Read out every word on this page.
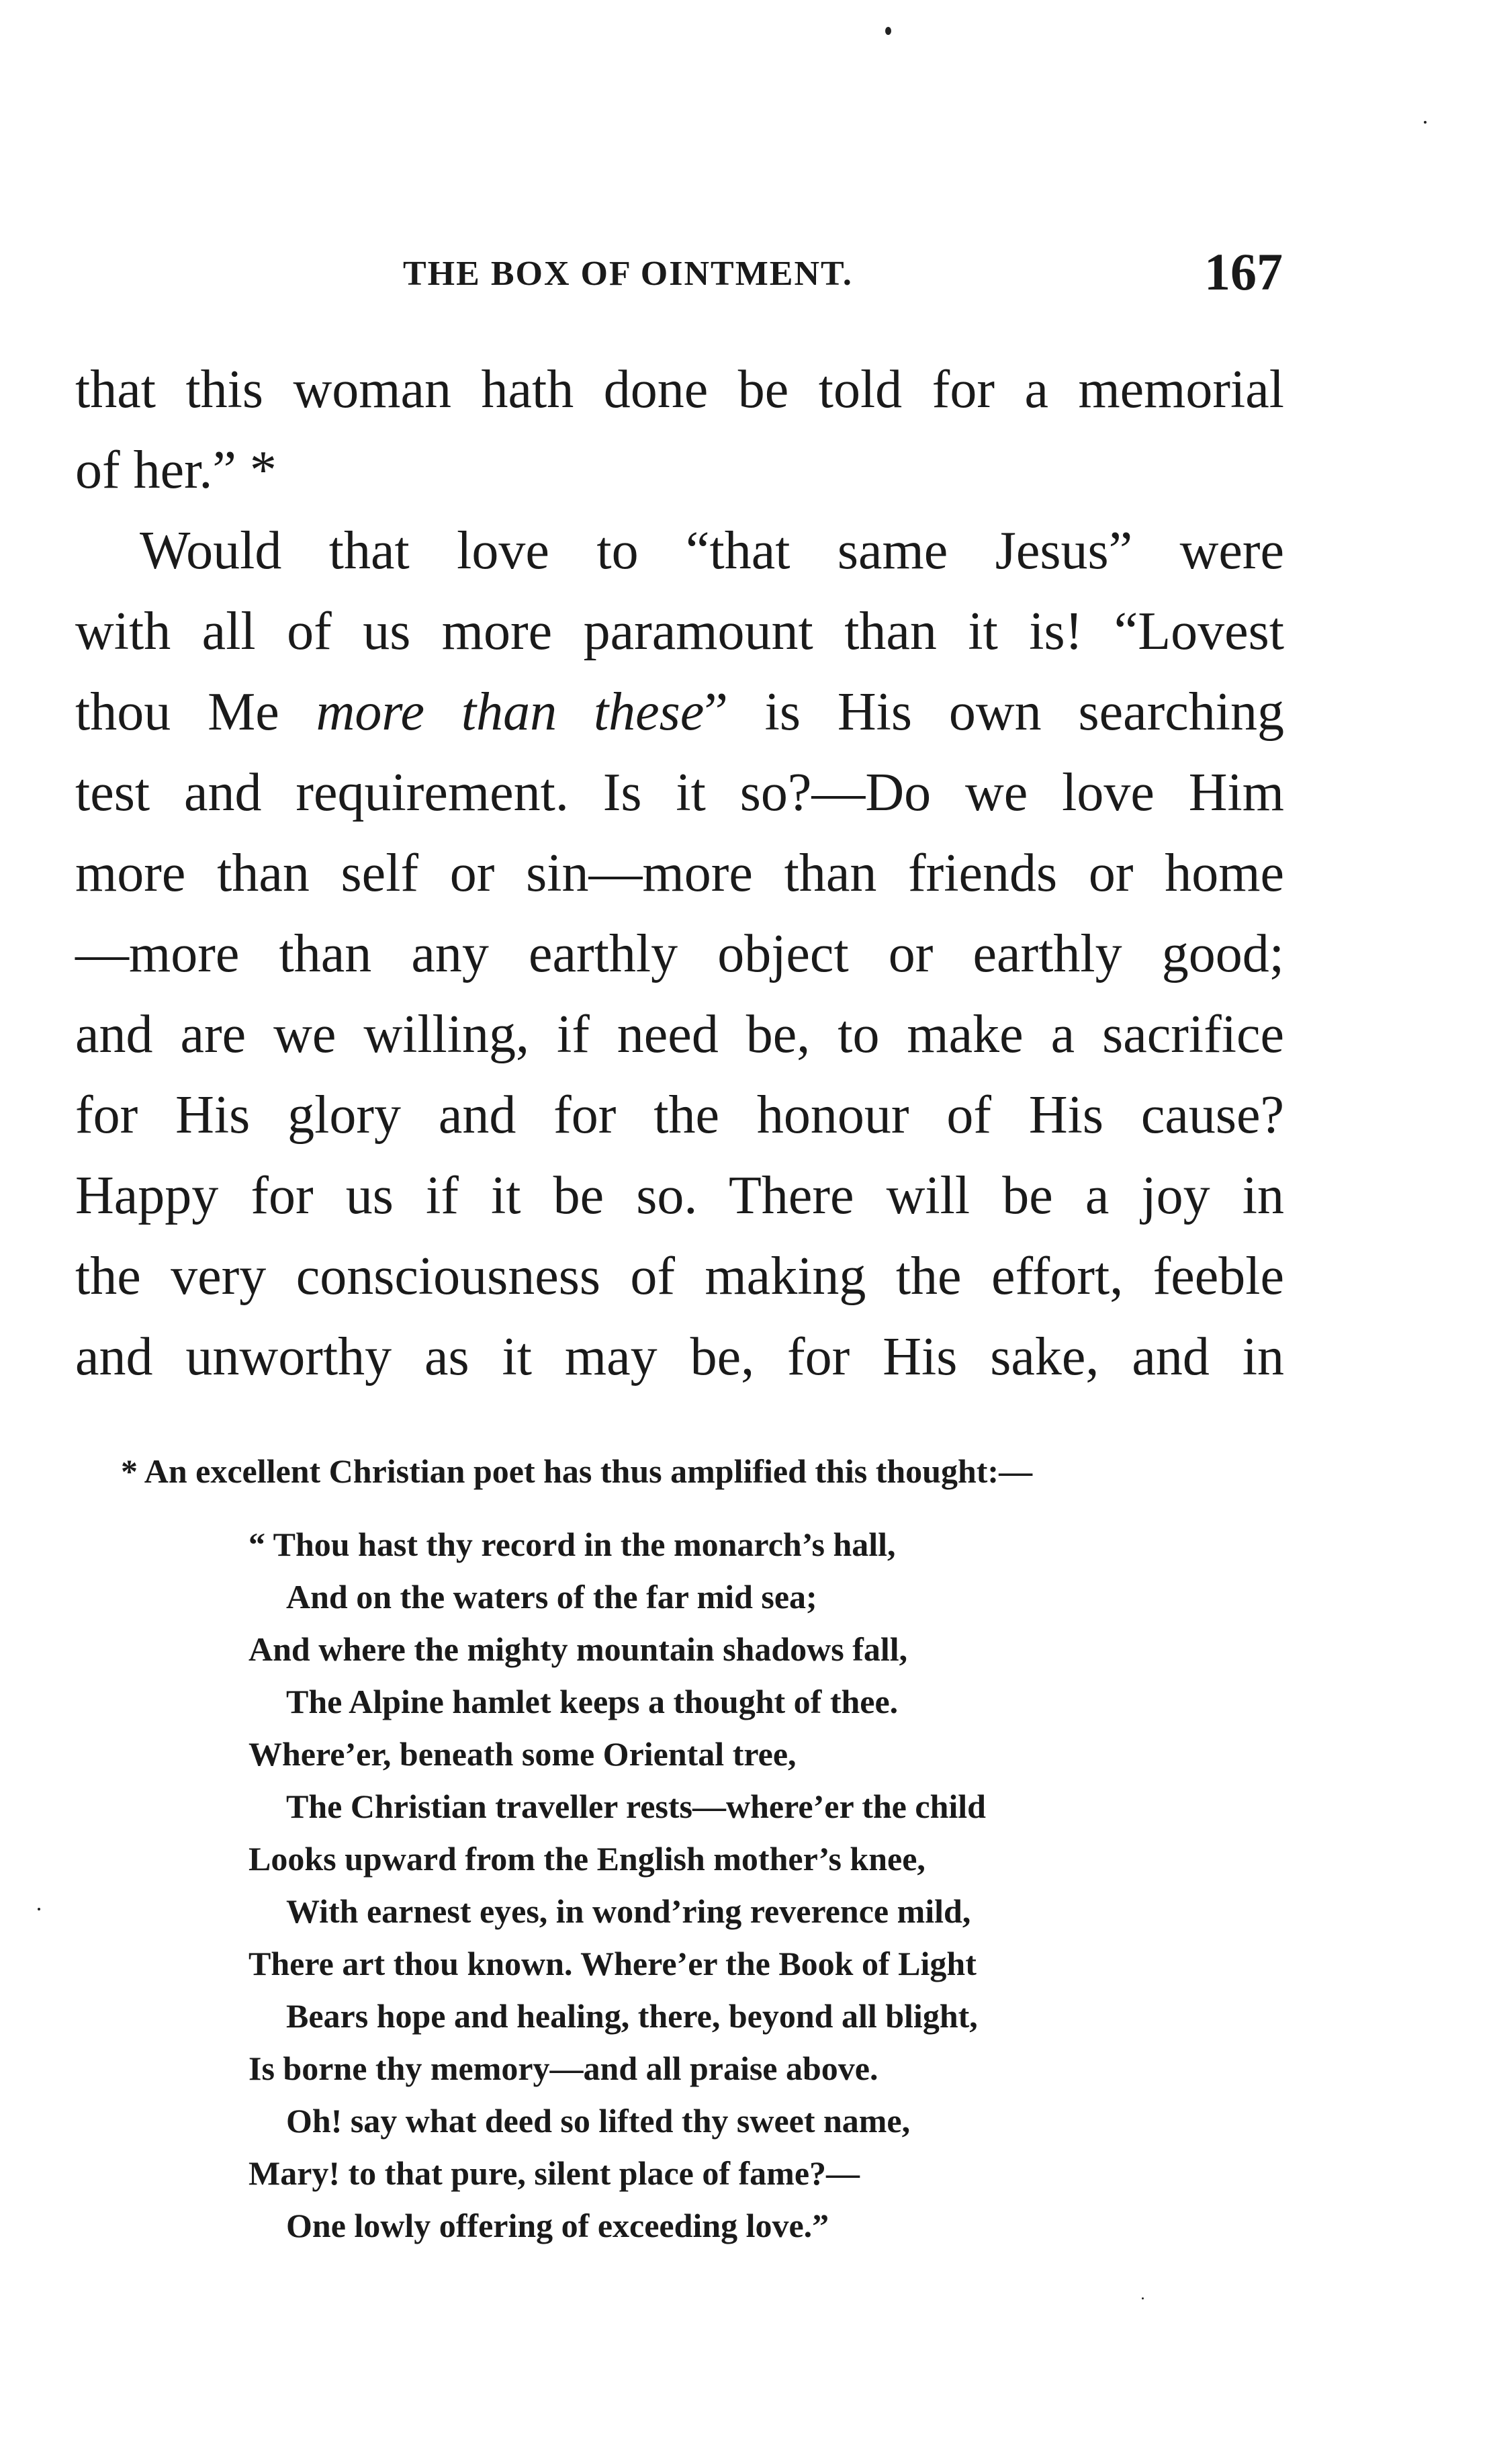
THE BOX OF OINTMENT.	167
that this woman hath done be told for a memorial
of her.” *
Would that love to “that same Jesus” were
with all of us more paramount than it is! “Lovest
thou Me more than these” is His own searching
test and requirement. Is it so?—Do we love Him
more than self or sin—more than friends or home
—more than any earthly object or earthly good;
and are we willing, if need be, to make a sacrifice
for His glory and for the honour of His cause?
Happy for us if it be so. There will be a joy in
the very consciousness of making the effort, feeble
and unworthy as it may be, for His sake, and in
* An excellent Christian poet has thus amplified this thought:—
“ Thou hast thy record in the monarch’s hall,
And on the waters of the far mid sea;
And where the mighty mountain shadows fall,
The Alpine hamlet keeps a thought of thee.
Where’er, beneath some Oriental tree,
The Christian traveller rests—where’er the child
Looks upward from the English mother’s knee,
With earnest eyes, in wond’ring reverence mild,
There art thou known. Where’er the Book of Light
Bears hope and healing, there, beyond all blight,
Is borne thy memory—and all praise above.
Oh! say what deed so lifted thy sweet name,
Mary! to that pure, silent place of fame?—
One lowly offering of exceeding love.”
